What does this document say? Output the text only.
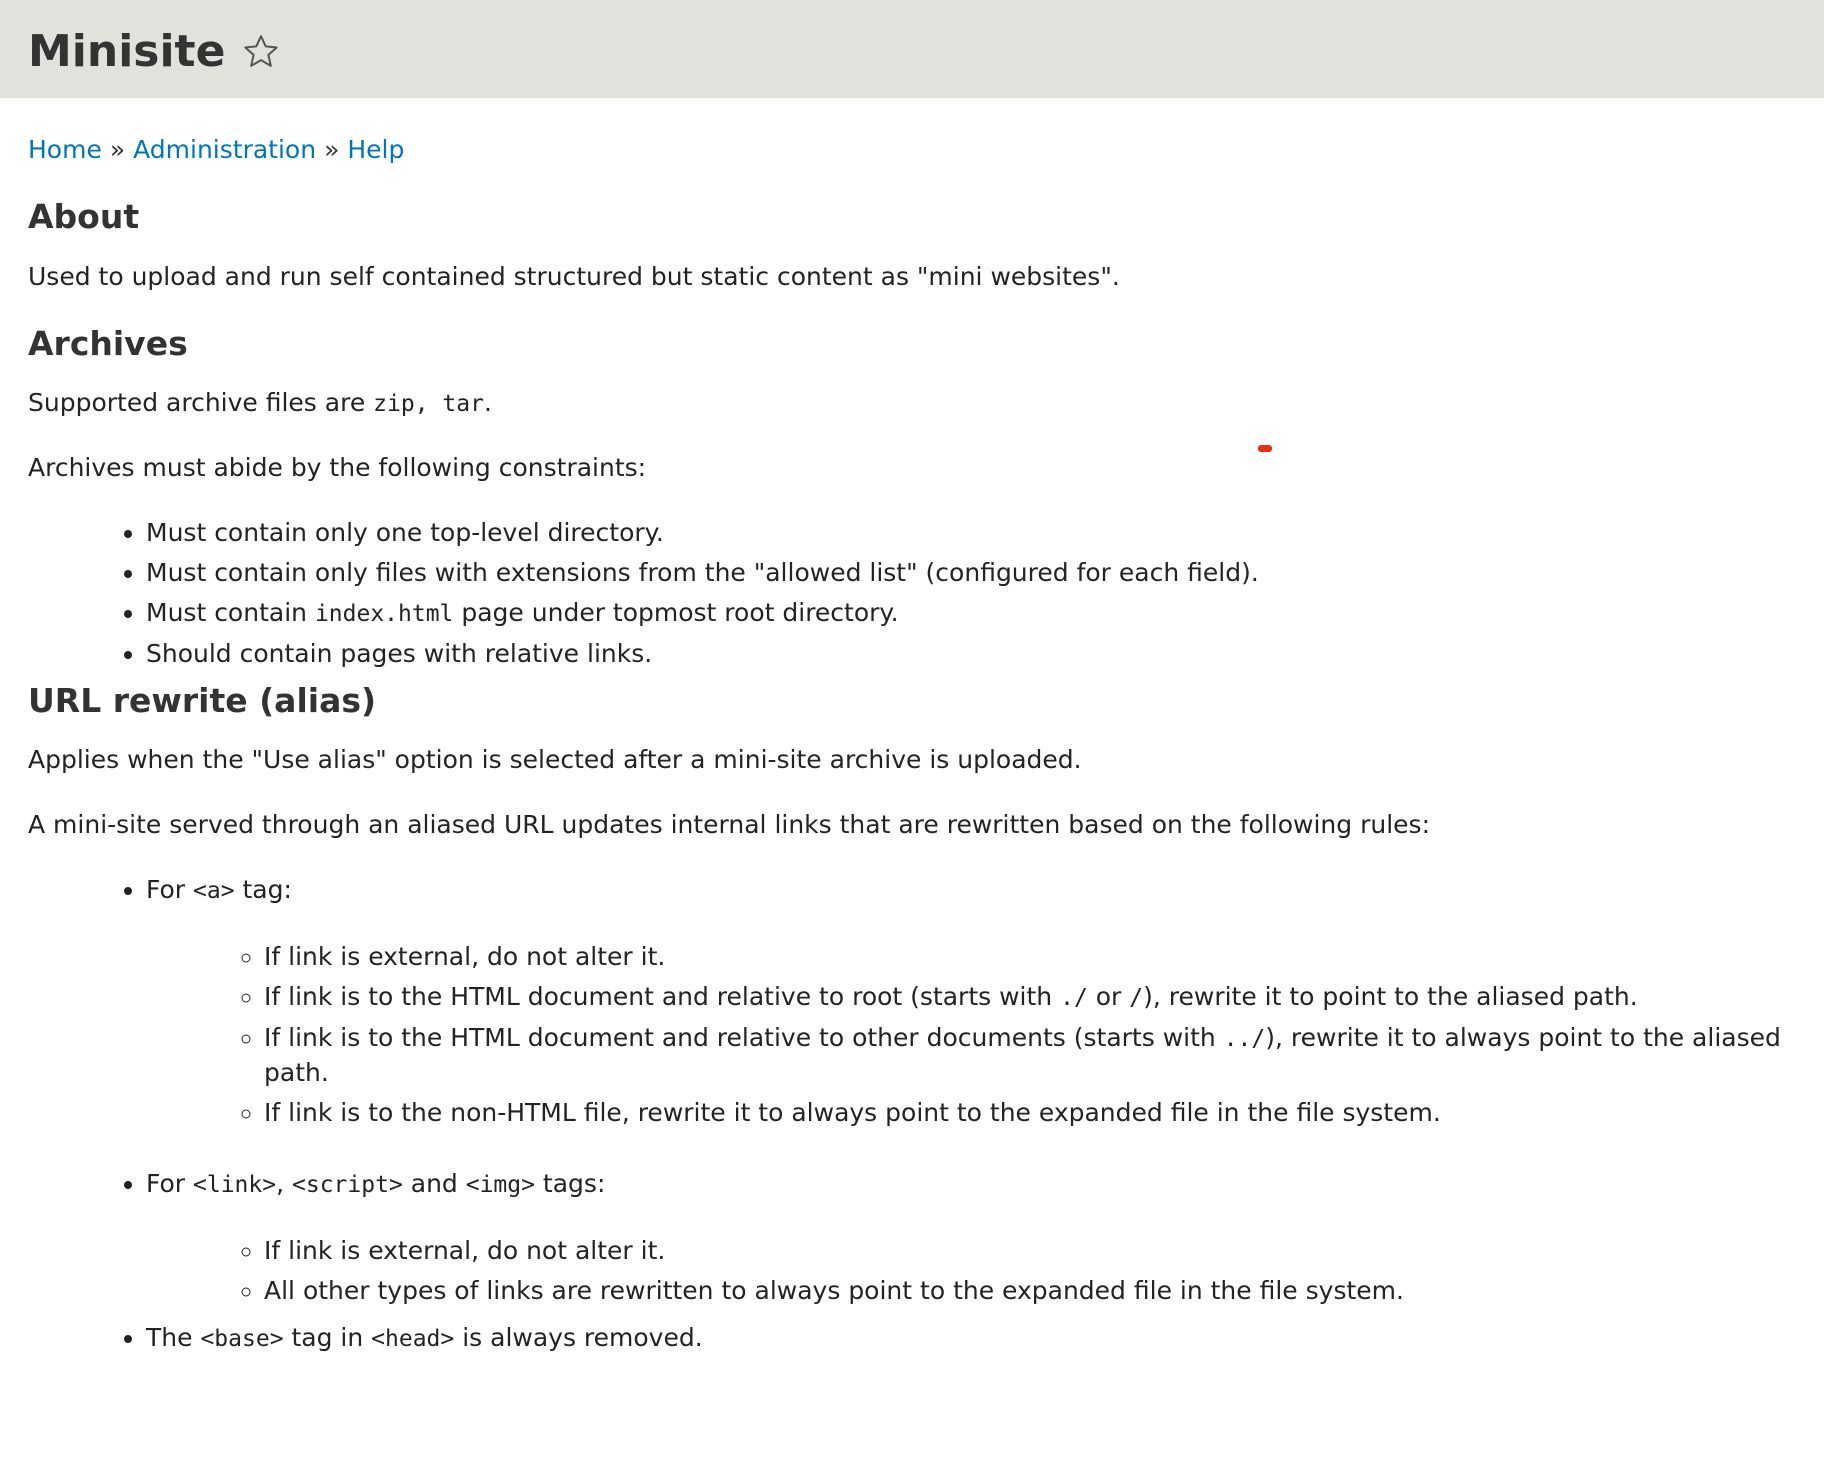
Minisite
Home » Administration » Help
About

Used to upload and run self contained structured but static content as "mini websites".

Archives

Supported archive files are zip, tar.

Archives must abide by the following constraints:

• Must contain only one top-level directory.
• Must contain only files with extensions from the "allowed list" (configured for each field).
• Must contain index.html page under topmost root directory.
• Should contain pages with relative links.
URL rewrite (alias)

Applies when the "Use alias" option is selected after a mini-site archive is uploaded.

A mini-site served through an aliased URL updates internal links that are rewritten based on the following rules:

• For <a> tag:
◦ If link is external, do not alter it.
◦ If link is to the HTML document and relative to root (starts with ./ or /), rewrite it to point to the aliased path.
◦ If link is to the HTML document and relative to other documents (starts with ../), rewrite it to always point to the aliased path.
◦ If link is to the non-HTML file, rewrite it to always point to the expanded file in the file system.
• For <link>, <script> and <img> tags:
◦ If link is external, do not alter it.
◦ All other types of links are rewritten to always point to the expanded file in the file system.
• The <base> tag in <head> is always removed.
